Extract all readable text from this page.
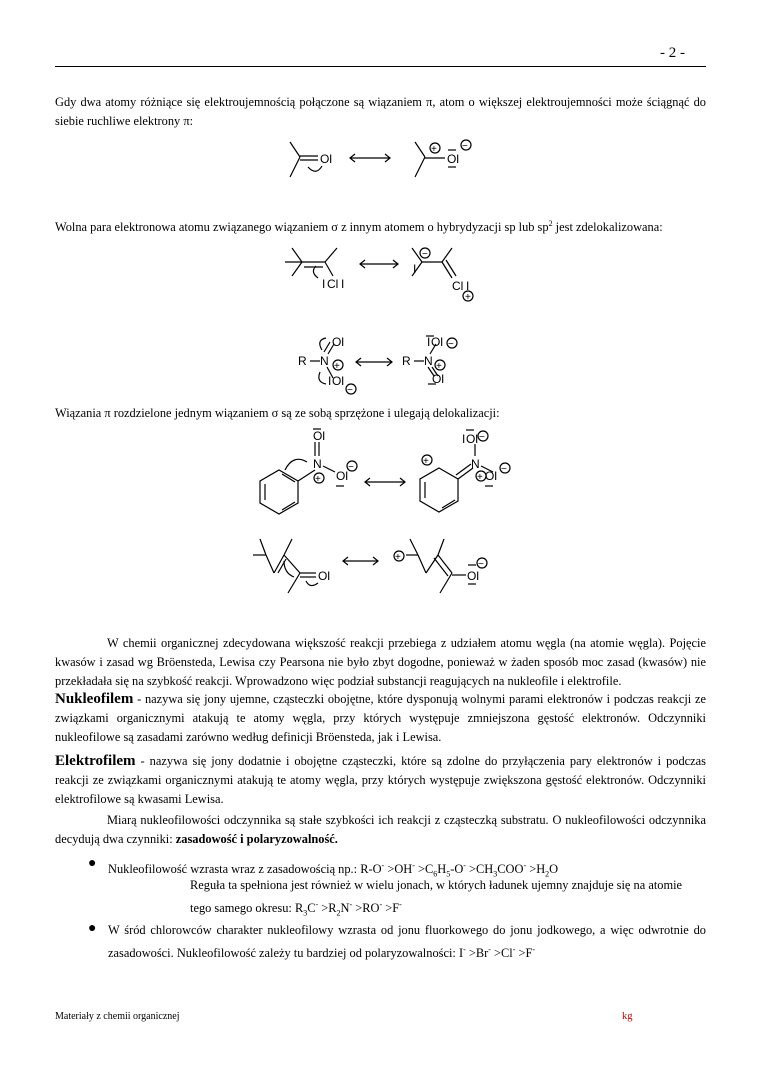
- 2 -
Gdy dwa atomy różniące się elektroujemnością połączone są wiązaniem π, atom o większej elektroujemności może ściągnąć do siebie ruchliwe elektrony π:
O I	O I
+	−
Wolna para elektronowa atomu związanego wiązaniem σ z innym atomem o hybrydyzacji sp lub $sp^2$ jest zdelokalizowana:
I Cl I
I
Cl I
−
+
R N
O I
I O I
R N
I O I
O I
+
−
−
+
Wiązania π rozdzielone jednym wiązaniem σ są ze sobą sprzężone i ulegają delokalizacji:
N
O I
O I
N
I O I
O I
+
−
+
−
+
−
O I	O I
+
−
W chemii organicznej zdecydowana większość reakcji przebiega z udziałem atomu węgla (na atomie węgla). Pojęcie kwasów i zasad wg Bröensteda, Lewisa czy Pearsona nie było zbyt dogodne, ponieważ w żaden sposób moc zasad (kwasów) nie przekładała się na szybkość reakcji. Wprowadzono więc podział substancji reagujących na nukleofile i elektrofile.
Nukleofilem - nazywa się jony ujemne, cząsteczki obojętne, które dysponują wolnymi parami elektronów i podczas reakcji ze związkami organicznymi atakują te atomy węgla, przy których występuje zmniejszona gęstość elektronów. Odczynniki nukleofilowe są zasadami zarówno według definicji Bröensteda, jak i Lewisa.
Elektrofilem - nazywa się jony dodatnie i obojętne cząsteczki, które są zdolne do przyłączenia pary elektronów i podczas reakcji ze związkami organicznymi atakują te atomy węgla, przy których występuje zwiększona gęstość elektronów. Odczynniki elektrofilowe są kwasami Lewisa.
Miarą nukleofilowości odczynnika są stałe szybkości ich reakcji z cząsteczką substratu. O nukleofilowości odczynnika decydują dwa czynniki: zasadowość i polaryzowalność.
● Nukleofilowość wzrasta wraz z zasadowością np.: $R-O^- >OH^- >C_6H_5-O^- >CH_3COO^- >H_2O$
Reguła ta spełniona jest również w wielu jonach, w których ładunek ujemny znajduje się na atomie
tego samego okresu: $R_3C^- >R_2N^- >RO^- >F^-$
● W śród chlorowców charakter nukleofilowy wzrasta od jonu fluorkowego do jonu jodkowego, a więc odwrotnie do zasadowości. Nukleofilowość zależy tu bardziej od polaryzowalności: I- >Br- >Cl- >F-
Materiały z chemii organicznej	kg
